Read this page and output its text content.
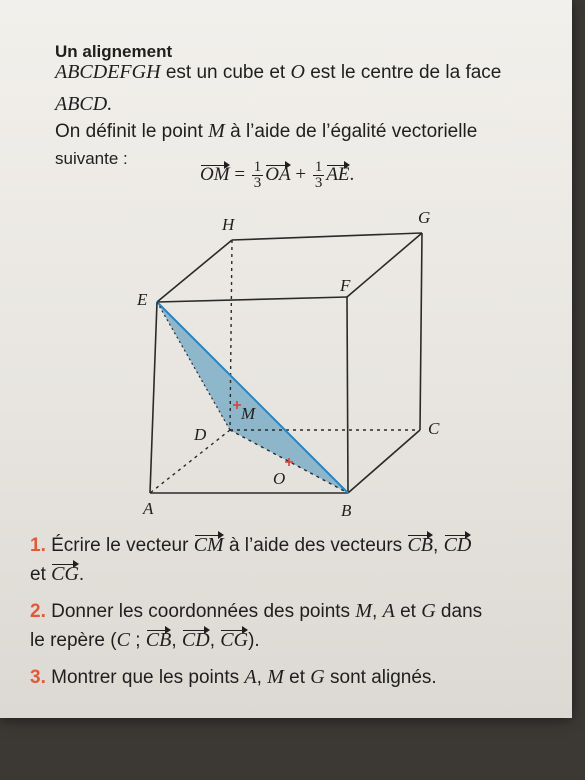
Un alignement
ABCDEFGH est un cube et O est le centre de la face
ABCD.
On définit le point M à l’aide de l’égalité vectorielle
suivante :
OM = $\frac{1}{3}$ OA + $\frac{1}{3}$ AE.
H	G
E
F
M
D	C
O
A	B
1. Écrire le vecteur CM à l’aide des vecteurs CB, CD
et CG.
2. Donner les coordonnées des points M, A et G dans
le repère (C ; CB, CD, CG).
3. Montrer que les points A, M et G sont alignés.
